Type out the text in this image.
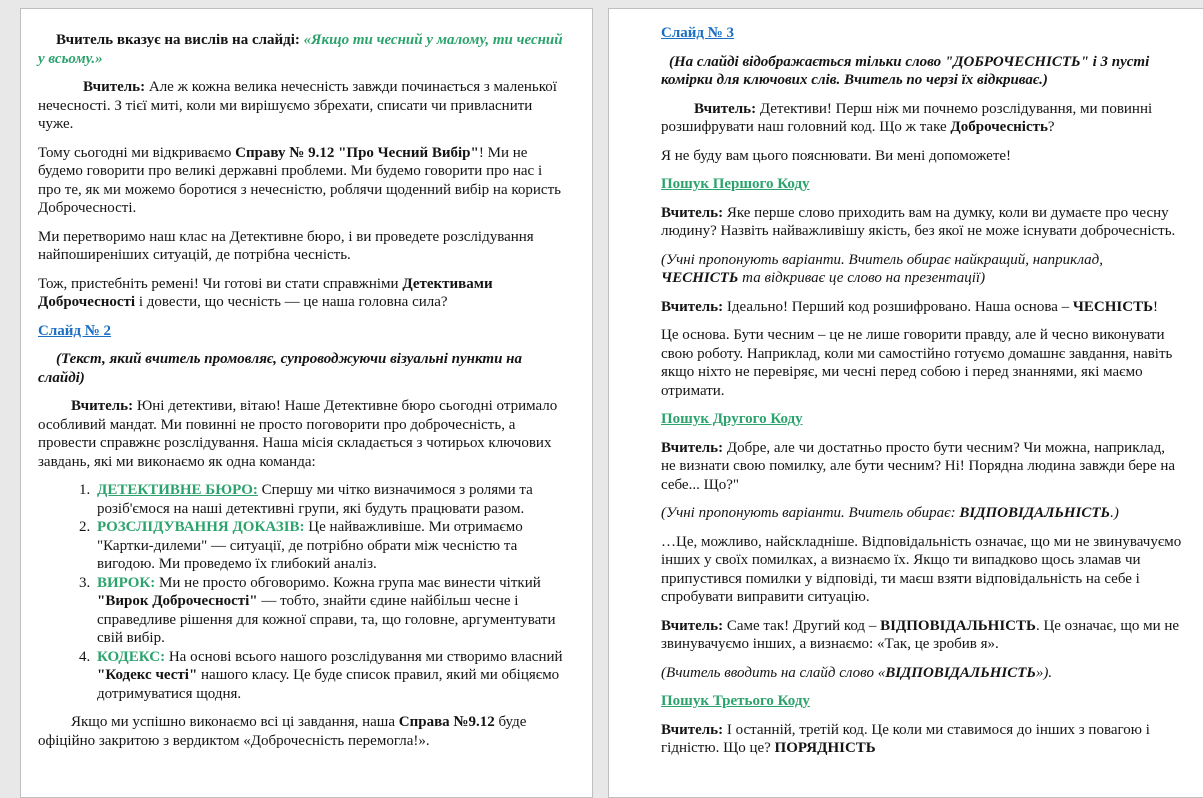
Вчитель вказує на вислів на слайді: «Якщо ти чесний у малому, ти чесний у всьому.»

Вчитель: Але ж кожна велика нечесність завжди починається з маленької нечесності. З тієї миті, коли ми вирішуємо збрехати, списати чи привласнити чуже.

Тому сьогодні ми відкриваємо Справу № 9.12 "Про Чесний Вибір"! Ми не будемо говорити про великі державні проблеми. Ми будемо говорити про нас і про те, як ми можемо боротися з нечесністю, роблячи щоденний вибір на користь Доброчесності.

Ми перетворимо наш клас на Детективне бюро, і ви проведете розслідування найпоширеніших ситуацій, де потрібна чесність.

Тож, пристебніть ремені! Чи готові ви стати справжніми Детективами Доброчесності і довести, що чесність — це наша головна сила?

Слайд № 2

(Текст, який вчитель промовляє, супроводжуючи візуальні пункти на слайді)

Вчитель: Юні детективи, вітаю! Наше Детективне бюро сьогодні отримало особливий мандат. Ми повинні не просто поговорити про доброчесність, а провести справжнє розслідування. Наша місія складається з чотирьох ключових завдань, які ми виконаємо як одна команда:

1. ДЕТЕКТИВНЕ БЮРО: Спершу ми чітко визначимося з ролями та розіб'ємося на наші детективні групи, які будуть працювати разом.
2. РОЗСЛІДУВАННЯ ДОКАЗІВ: Це найважливіше. Ми отримаємо "Картки-дилеми" — ситуації, де потрібно обрати між чесністю та вигодою. Ми проведемо їх глибокий аналіз.
3. ВИРОК: Ми не просто обговоримо. Кожна група має винести чіткий "Вирок Доброчесності" — тобто, знайти єдине найбільш чесне і справедливе рішення для кожної справи, та, що головне, аргументувати свій вибір.
4. КОДЕКС: На основі всього нашого розслідування ми створимо власний "Кодекс честі" нашого класу. Це буде список правил, який ми обіцяємо дотримуватися щодня.

Якщо ми успішно виконаємо всі ці завдання, наша Справа №9.12 буде офіційно закритою з вердиктом «Доброчесність перемогла!».

Слайд № 3

(На слайді відображається тільки слово "ДОБРОЧЕСНІСТЬ" і 3 пусті комірки для ключових слів. Вчитель по черзі їх відкриває.)

Вчитель: Детективи! Перш ніж ми почнемо розслідування, ми повинні розшифрувати наш головний код. Що ж таке Доброчесність?

Я не буду вам цього пояснювати. Ви мені допоможете!

Пошук Першого Коду

Вчитель: Яке перше слово приходить вам на думку, коли ви думаєте про чесну людину? Назвіть найважливішу якість, без якої не може існувати доброчесність.

(Учні пропонують варіанти. Вчитель обирає найкращий, наприклад, ЧЕСНІСТЬ та відкриває це слово на презентації)

Вчитель: Ідеально! Перший код розшифровано. Наша основа – ЧЕСНІСТЬ!

Це основа. Бути чесним – це не лише говорити правду, але й чесно виконувати свою роботу. Наприклад, коли ми самостійно готуємо домашнє завдання, навіть якщо ніхто не перевіряє, ми чесні перед собою і перед знаннями, які маємо отримати.

Пошук Другого Коду

Вчитель: Добре, але чи достатньо просто бути чесним? Чи можна, наприклад, не визнати свою помилку, але бути чесним? Ні! Порядна людина завжди бере на себе... Що?"

(Учні пропонують варіанти. Вчитель обирає: ВІДПОВІДАЛЬНІСТЬ.)

…Це, можливо, найскладніше. Відповідальність означає, що ми не звинувачуємо інших у своїх помилках, а визнаємо їх. Якщо ти випадково щось зламав чи припустився помилки у відповіді, ти маєш взяти відповідальність на себе і спробувати виправити ситуацію.

Вчитель: Саме так! Другий код – ВІДПОВІДАЛЬНІСТЬ. Це означає, що ми не звинувачуємо інших, а визнаємо: «Так, це зробив я».

(Вчитель вводить на слайд слово «ВІДПОВІДАЛЬНІСТЬ»).

Пошук Третього Коду

Вчитель: І останній, третій код. Це коли ми ставимося до інших з повагою і гідністю. Що це? ПОРЯДНІСТЬ
